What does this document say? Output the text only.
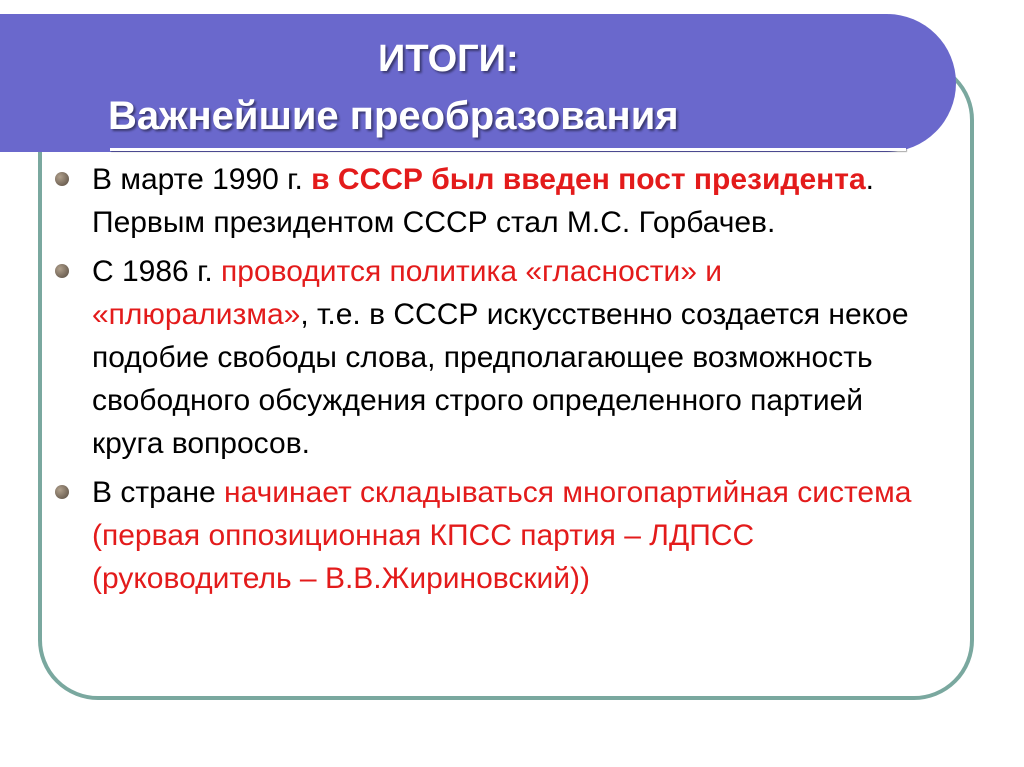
ИТОГИ:
Важнейшие преобразования
В марте 1990 г. в СССР был введен пост президента. Первым президентом СССР стал М.С. Горбачев.
С 1986 г. проводится политика «гласности» и «плюрализма», т.е. в СССР искусственно создается некое подобие свободы слова, предполагающее возможность свободного обсуждения строго определенного партией круга вопросов.
В стране начинает складываться многопартийная система (первая оппозиционная КПСС партия – ЛДПСС (руководитель – В.В.Жириновский))
